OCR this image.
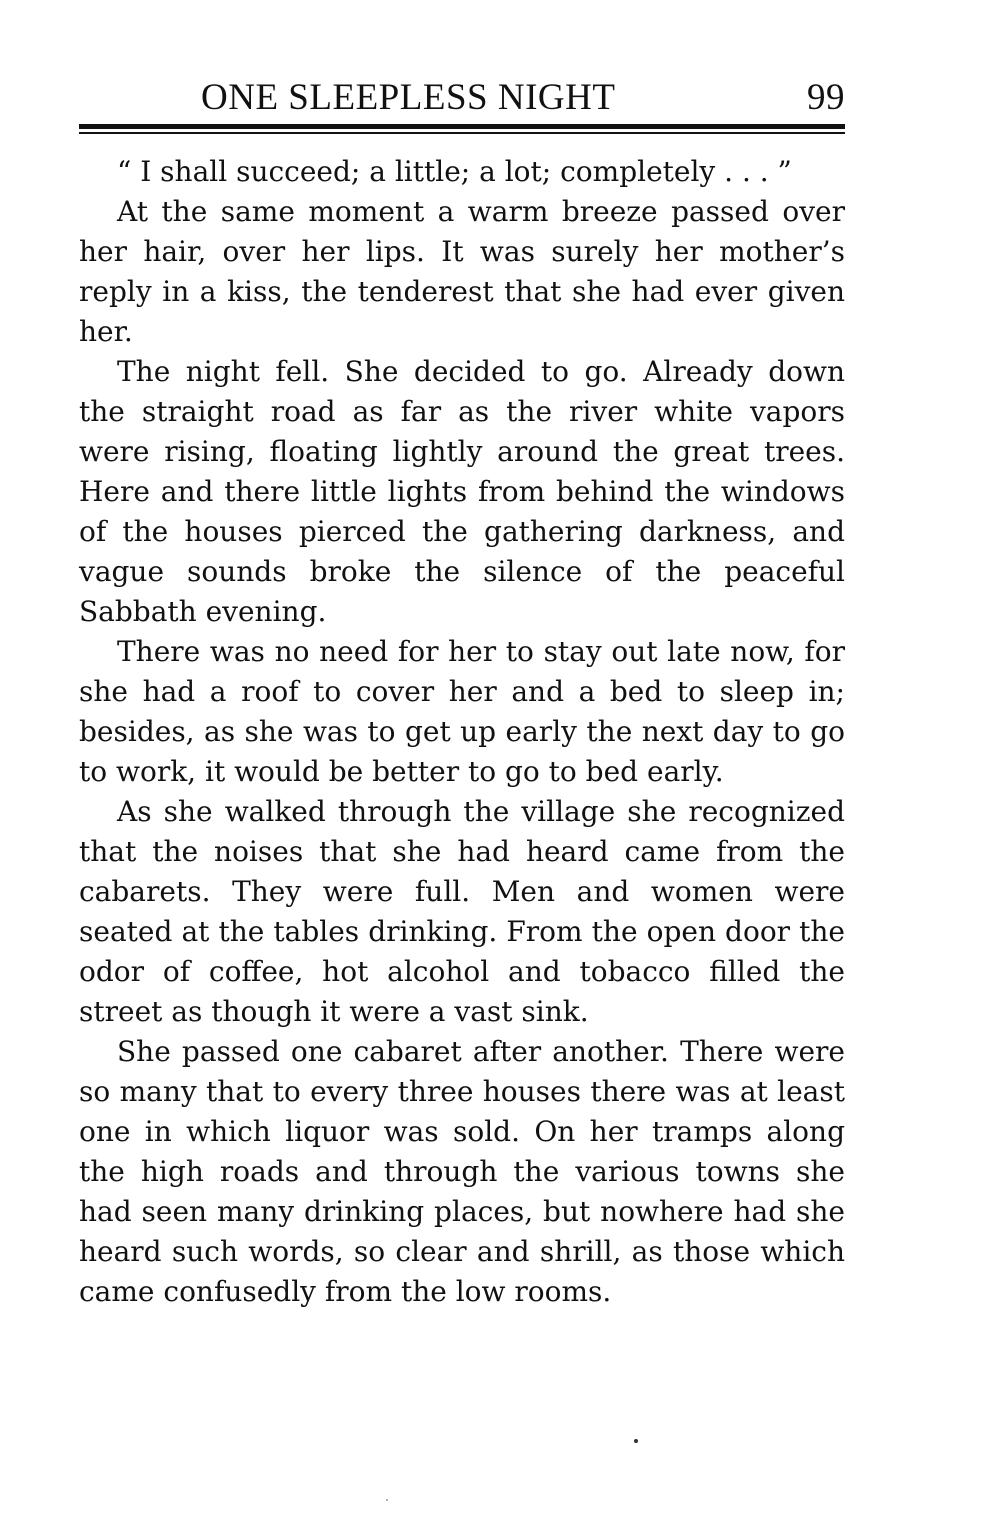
ONE SLEEPLESS NIGHT	99

“ I shall succeed; a little; a lot; completely . . . ”

At the same moment a warm breeze passed over her hair, over her lips. It was surely her mother’s reply in a kiss, the tenderest that she had ever given her.

The night fell. She decided to go. Already down the straight road as far as the river white vapors were rising, floating lightly around the great trees. Here and there little lights from behind the windows of the houses pierced the gathering darkness, and vague sounds broke the silence of the peaceful Sabbath evening.

There was no need for her to stay out late now, for she had a roof to cover her and a bed to sleep in; besides, as she was to get up early the next day to go to work, it would be better to go to bed early.

As she walked through the village she recognized that the noises that she had heard came from the cabarets. They were full. Men and women were seated at the tables drinking. From the open door the odor of coffee, hot alcohol and tobacco filled the street as though it were a vast sink.

She passed one cabaret after another. There were so many that to every three houses there was at least one in which liquor was sold. On her tramps along the high roads and through the various towns she had seen many drinking places, but nowhere had she heard such words, so clear and shrill, as those which came confusedly from the low rooms.
